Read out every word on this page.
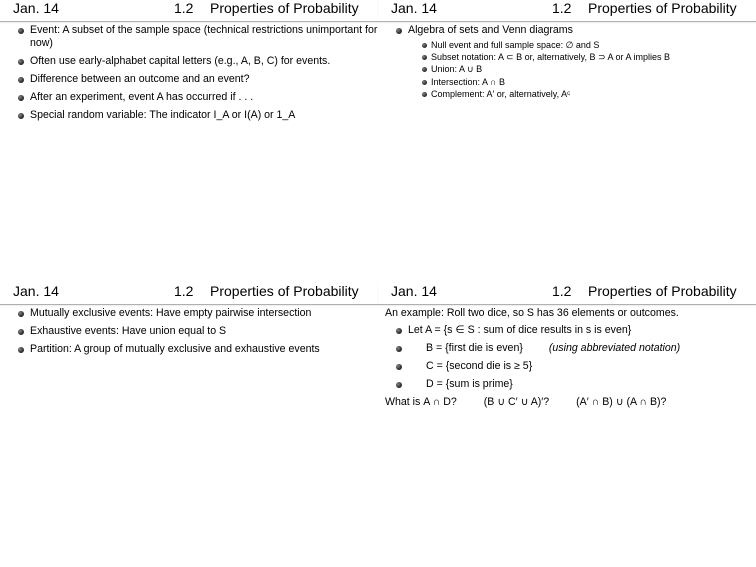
Jan. 14	1.2 Properties of Probability
Event: A subset of the sample space (technical restrictions unimportant for now)
Often use early-alphabet capital letters (e.g., A, B, C) for events.
Difference between an outcome and an event?
After an experiment, event A has occurred if . . .
Special random variable: The indicator I_A or I(A) or 1_A
Jan. 14	1.2 Properties of Probability
Algebra of sets and Venn diagrams
Null event and full sample space: ∅ and S
Subset notation: A ⊂ B or, alternatively, B ⊃ A or A implies B
Union: A ∪ B
Intersection: A ∩ B
Complement: A′ or, alternatively, Aᶜ
Jan. 14	1.2 Properties of Probability
Mutually exclusive events: Have empty pairwise intersection
Exhaustive events: Have union equal to S
Partition: A group of mutually exclusive and exhaustive events
Jan. 14	1.2 Properties of Probability
An example: Roll two dice, so S has 36 elements or outcomes.
Let A = {s ∈ S : sum of dice results in s is even}
B = {first die is even} (using abbreviated notation)
C = {second die is ≥ 5}
D = {sum is prime}
What is A ∩ D?	(B ∪ C′ ∪ A)′?	(A′ ∩ B) ∪ (A ∩ B)?
